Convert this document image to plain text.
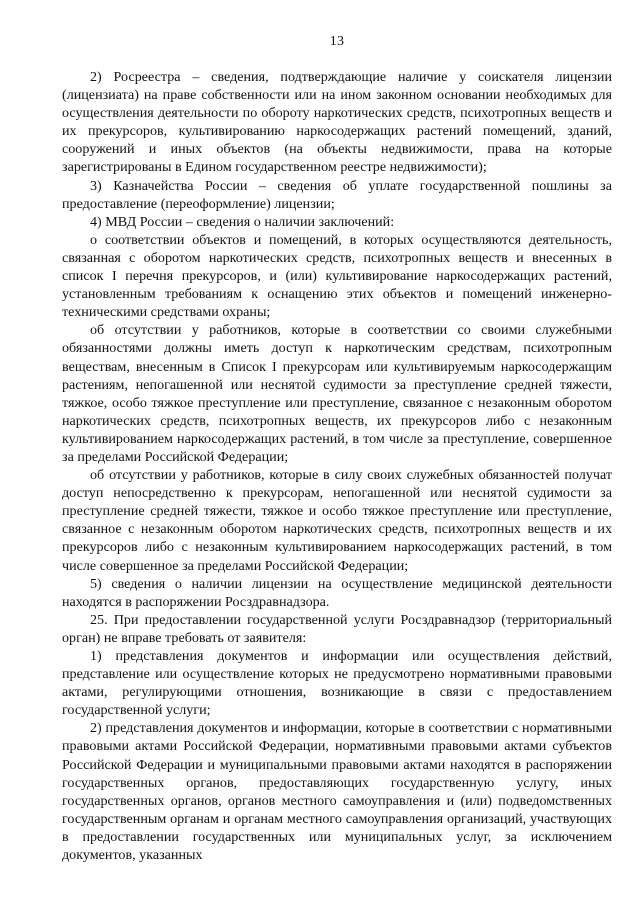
13

2) Росреестра – сведения, подтверждающие наличие у соискателя лицензии (лицензиата) на праве собственности или на ином законном основании необходимых для осуществления деятельности по обороту наркотических средств, психотропных веществ и их прекурсоров, культивированию наркосодержащих растений помещений, зданий, сооружений и иных объектов (на объекты недвижимости, права на которые зарегистрированы в Едином государственном реестре недвижимости);

3) Казначейства России – сведения об уплате государственной пошлины за предоставление (переоформление) лицензии;

4) МВД России – сведения о наличии заключений:

о соответствии объектов и помещений, в которых осуществляются деятельность, связанная с оборотом наркотических средств, психотропных веществ и внесенных в список I перечня прекурсоров, и (или) культивирование наркосодержащих растений, установленным требованиям к оснащению этих объектов и помещений инженерно-техническими средствами охраны;

об отсутствии у работников, которые в соответствии со своими служебными обязанностями должны иметь доступ к наркотическим средствам, психотропным веществам, внесенным в Список I прекурсорам или культивируемым наркосодержащим растениям, непогашенной или неснятой судимости за преступление средней тяжести, тяжкое, особо тяжкое преступление или преступление, связанное с незаконным оборотом наркотических средств, психотропных веществ, их прекурсоров либо с незаконным культивированием наркосодержащих растений, в том числе за преступление, совершенное за пределами Российской Федерации;

об отсутствии у работников, которые в силу своих служебных обязанностей получат доступ непосредственно к прекурсорам, непогашенной или неснятой судимости за преступление средней тяжести, тяжкое и особо тяжкое преступление или преступление, связанное с незаконным оборотом наркотических средств, психотропных веществ и их прекурсоров либо с незаконным культивированием наркосодержащих растений, в том числе совершенное за пределами Российской Федерации;

5) сведения о наличии лицензии на осуществление медицинской деятельности находятся в распоряжении Росздравнадзора.

25. При предоставлении государственной услуги Росздравнадзор (территориальный орган) не вправе требовать от заявителя:

1) представления документов и информации или осуществления действий, представление или осуществление которых не предусмотрено нормативными правовыми актами, регулирующими отношения, возникающие в связи с предоставлением государственной услуги;

2) представления документов и информации, которые в соответствии с нормативными правовыми актами Российской Федерации, нормативными правовыми актами субъектов Российской Федерации и муниципальными правовыми актами находятся в распоряжении государственных органов, предоставляющих государственную услугу, иных государственных органов, органов местного самоуправления и (или) подведомственных государственным органам и органам местного самоуправления организаций, участвующих в предоставлении государственных или муниципальных услуг, за исключением документов, указанных
